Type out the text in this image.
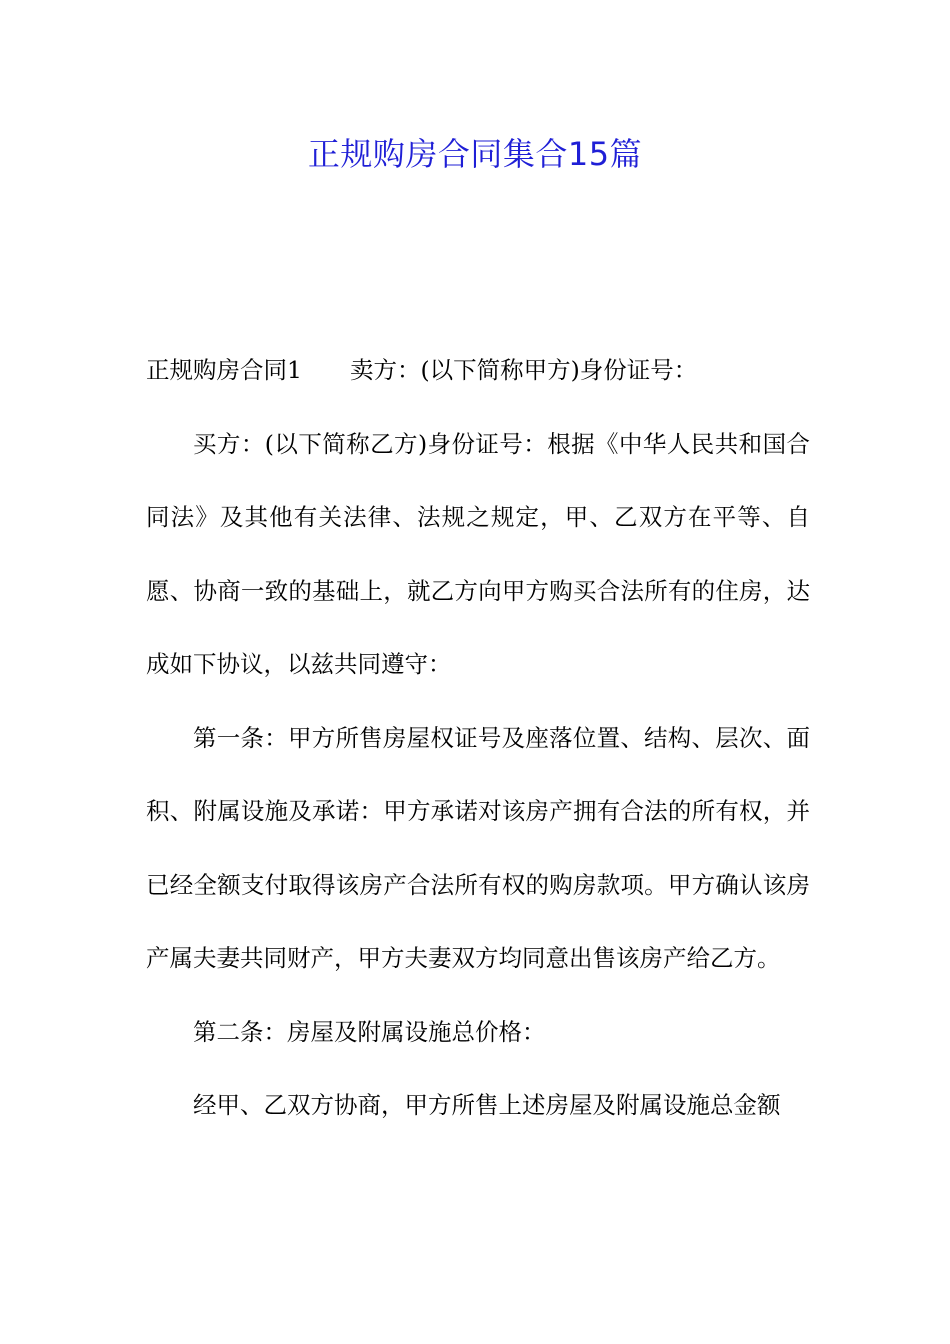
正规购房合同集合15篇

正规购房合同1 卖方：(以下简称甲方)身份证号：

买方：(以下简称乙方)身份证号：根据《中华人民共和国合同法》及其他有关法律、法规之规定，甲、乙双方在平等、自愿、协商一致的基础上，就乙方向甲方购买合法所有的住房，达成如下协议，以兹共同遵守：

第一条：甲方所售房屋权证号及座落位置、结构、层次、面积、附属设施及承诺：甲方承诺对该房产拥有合法的所有权，并已经全额支付取得该房产合法所有权的购房款项。甲方确认该房产属夫妻共同财产，甲方夫妻双方均同意出售该房产给乙方。

第二条：房屋及附属设施总价格：

经甲、乙双方协商，甲方所售上述房屋及附属设施总金额
